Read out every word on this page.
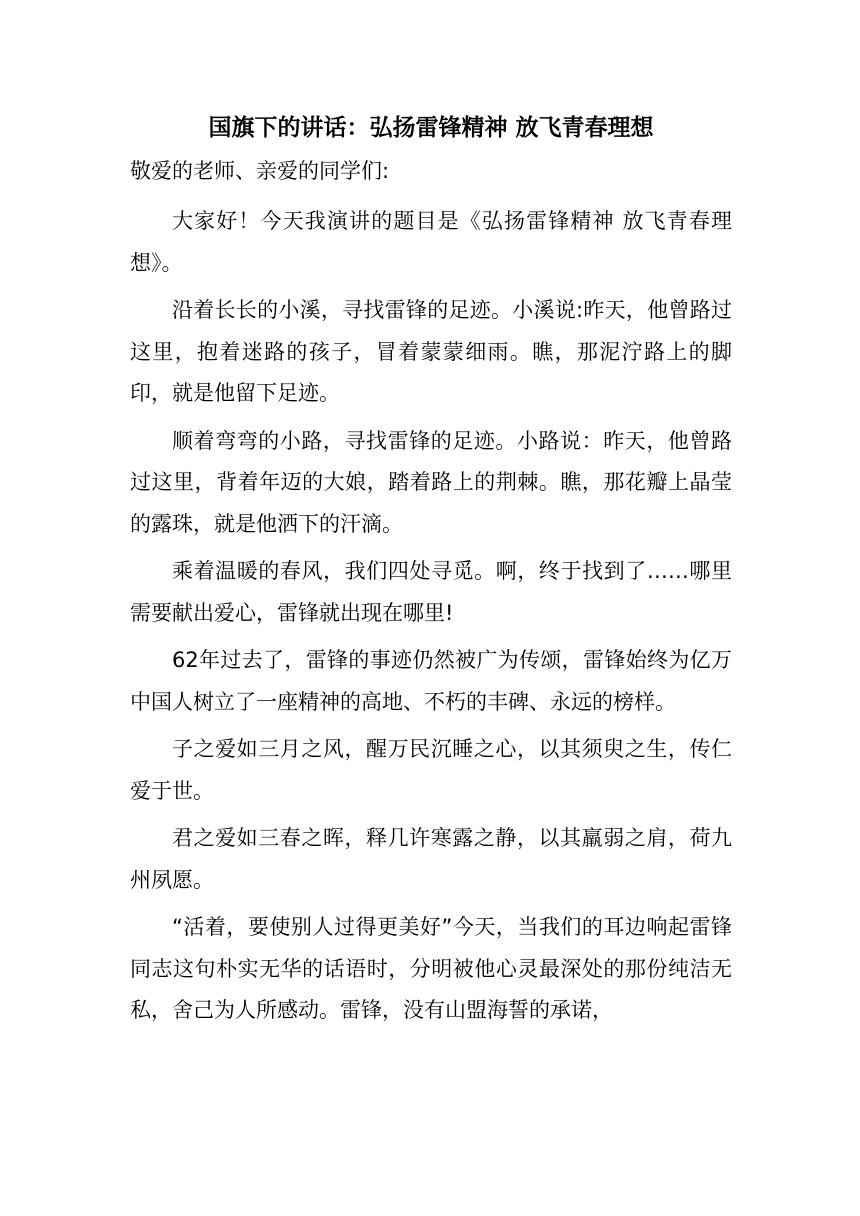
国旗下的讲话：弘扬雷锋精神 放飞青春理想

敬爱的老师、亲爱的同学们:

大家好！今天我演讲的题目是《弘扬雷锋精神 放飞青春理想》。

沿着长长的小溪，寻找雷锋的足迹。小溪说:昨天，他曾路过这里，抱着迷路的孩子，冒着蒙蒙细雨。瞧，那泥泞路上的脚印，就是他留下足迹。

顺着弯弯的小路，寻找雷锋的足迹。小路说：昨天，他曾路过这里，背着年迈的大娘，踏着路上的荆棘。瞧，那花瓣上晶莹的露珠，就是他洒下的汗滴。

乘着温暖的春风，我们四处寻觅。啊，终于找到了……哪里需要献出爱心，雷锋就出现在哪里!

62年过去了，雷锋的事迹仍然被广为传颂，雷锋始终为亿万中国人树立了一座精神的高地、不朽的丰碑、永远的榜样。

子之爱如三月之风，醒万民沉睡之心，以其须臾之生，传仁爱于世。

君之爱如三春之晖，释几许寒露之静，以其羸弱之肩，荷九州夙愿。

“活着，要使别人过得更美好”今天，当我们的耳边响起雷锋同志这句朴实无华的话语时，分明被他心灵最深处的那份纯洁无私，舍己为人所感动。雷锋，没有山盟海誓的承诺，
